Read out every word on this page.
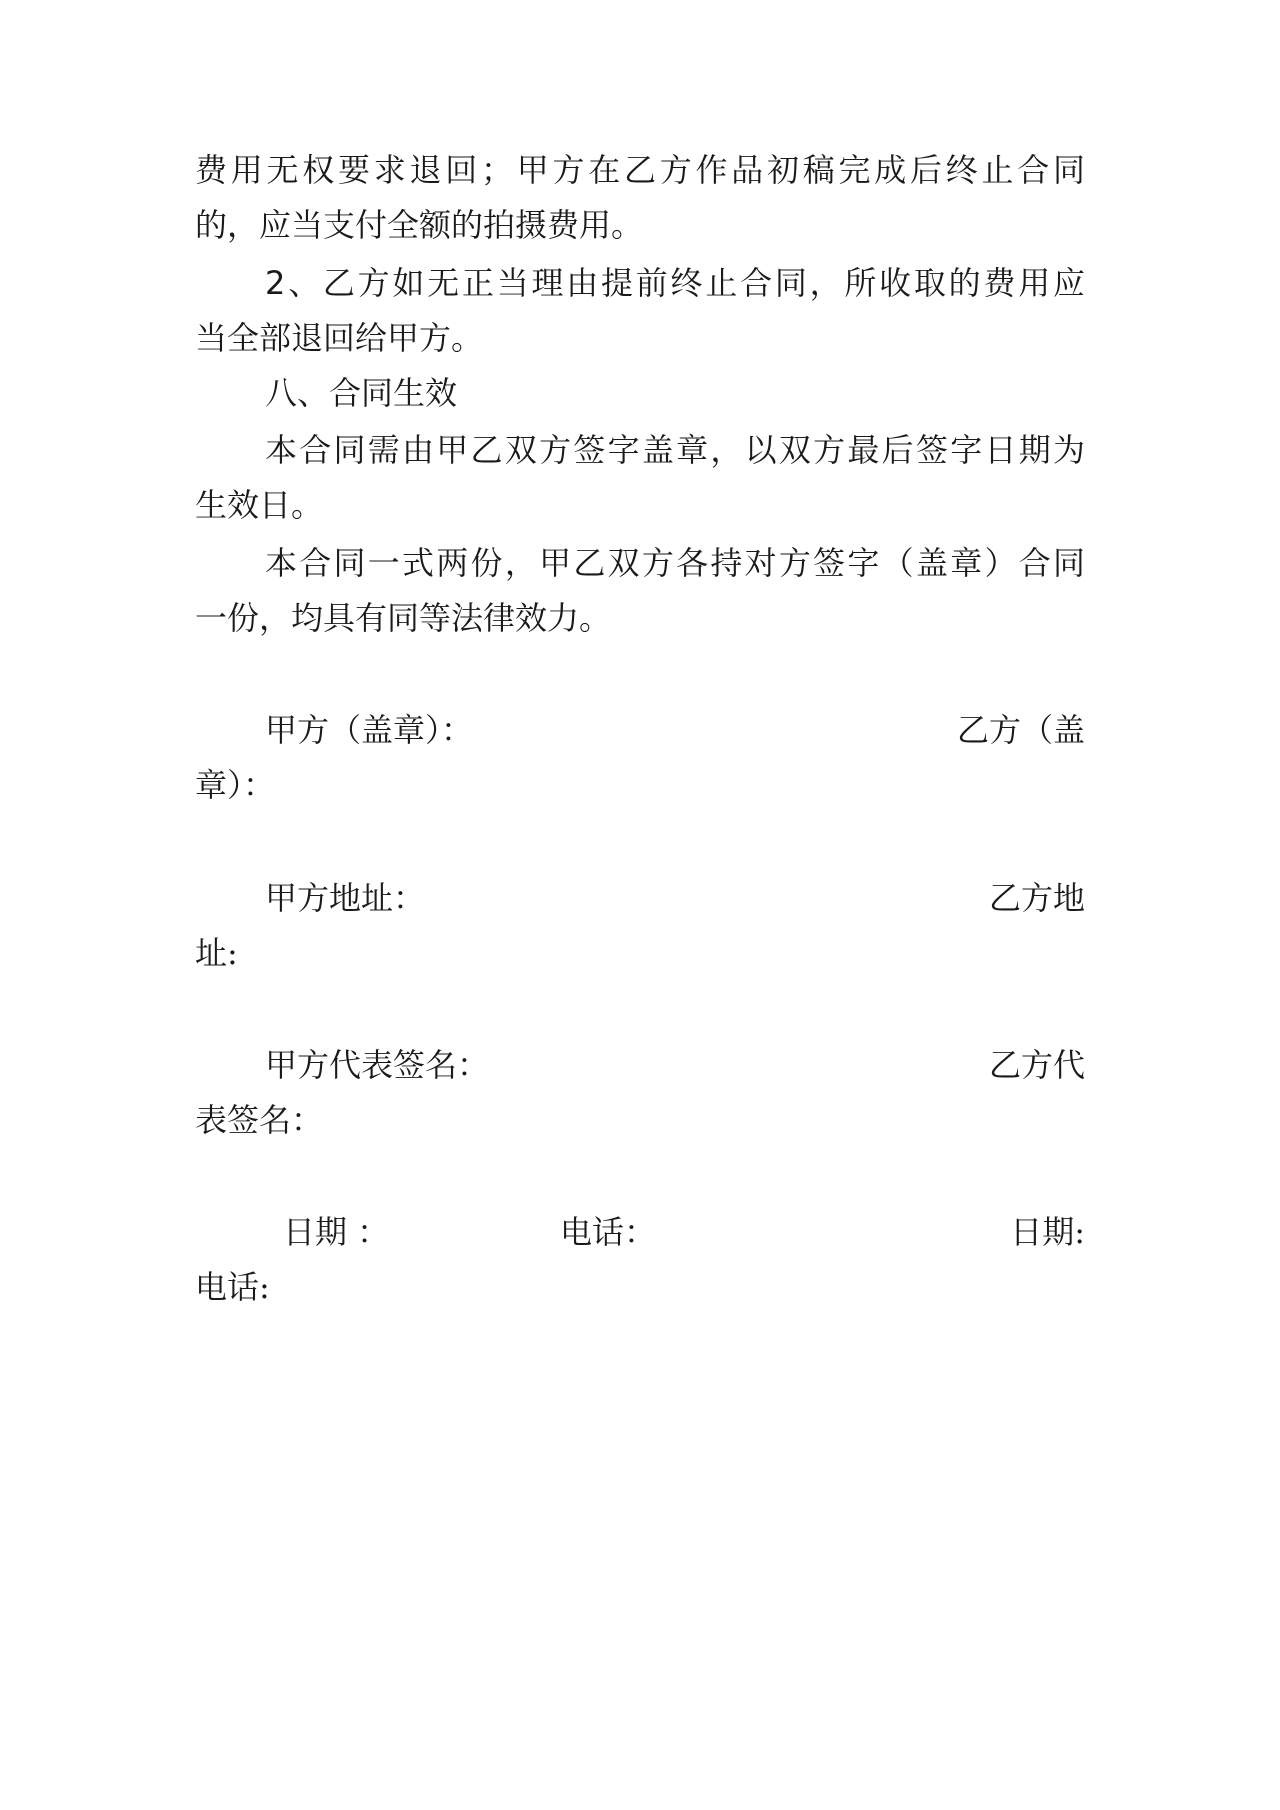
费用无权要求退回；甲方在乙方作品初稿完成后终止合同
的，应当支付全额的拍摄费用。
2、乙方如无正当理由提前终止合同，所收取的费用应
当全部退回给甲方。
八、合同生效
本合同需由甲乙双方签字盖章，以双方最后签字日期为
生效日。
本合同一式两份，甲乙双方各持对方签字（盖章）合同
一份，均具有同等法律效力。
甲方（盖章）：	乙方（盖
章）：
甲方地址：	乙方地
址:
甲方代表签名：	乙方代
表签名：
日期 ：	电话：	日期:
电话:
